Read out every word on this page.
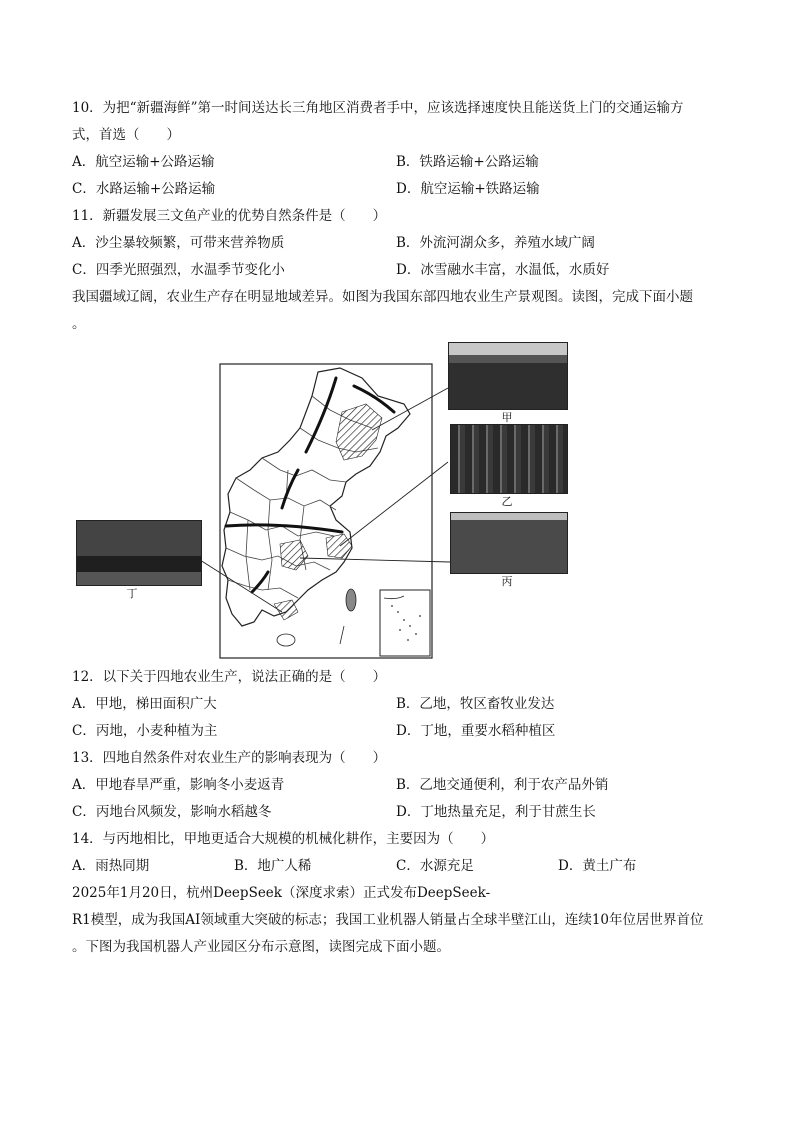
10．为把“新疆海鲜”第一时间送达长三角地区消费者手中，应该选择速度快且能送货上门的交通运输方
式，首选（　　）
A．航空运输+公路运输	B．铁路运输+公路运输
C．水路运输+公路运输	D．航空运输+铁路运输
11．新疆发展三文鱼产业的优势自然条件是（　　）
A．沙尘暴较频繁，可带来营养物质	B．外流河湖众多，养殖水域广阔
C．四季光照强烈，水温季节变化小	D．冰雪融水丰富，水温低，水质好
我国疆域辽阔，农业生产存在明显地域差异。如图为我国东部四地农业生产景观图。读图，完成下面小题
。
甲
乙
丙
丁
12．以下关于四地农业生产，说法正确的是（　　）
A．甲地，梯田面积广大	B．乙地，牧区畜牧业发达
C．丙地，小麦种植为主	D．丁地，重要水稻种植区
13．四地自然条件对农业生产的影响表现为（　　）
A．甲地春旱严重，影响冬小麦返青	B．乙地交通便利，利于农产品外销
C．丙地台风频发，影响水稻越冬	D．丁地热量充足，利于甘蔗生长
14．与丙地相比，甲地更适合大规模的机械化耕作，主要因为（　　）
A．雨热同期	B．地广人稀	C．水源充足	D．黄土广布
2025年1月20日，杭州DeepSeek（深度求索）正式发布DeepSeek-
R1模型，成为我国AI领域重大突破的标志；我国工业机器人销量占全球半壁江山，连续10年位居世界首位
。下图为我国机器人产业园区分布示意图，读图完成下面小题。
